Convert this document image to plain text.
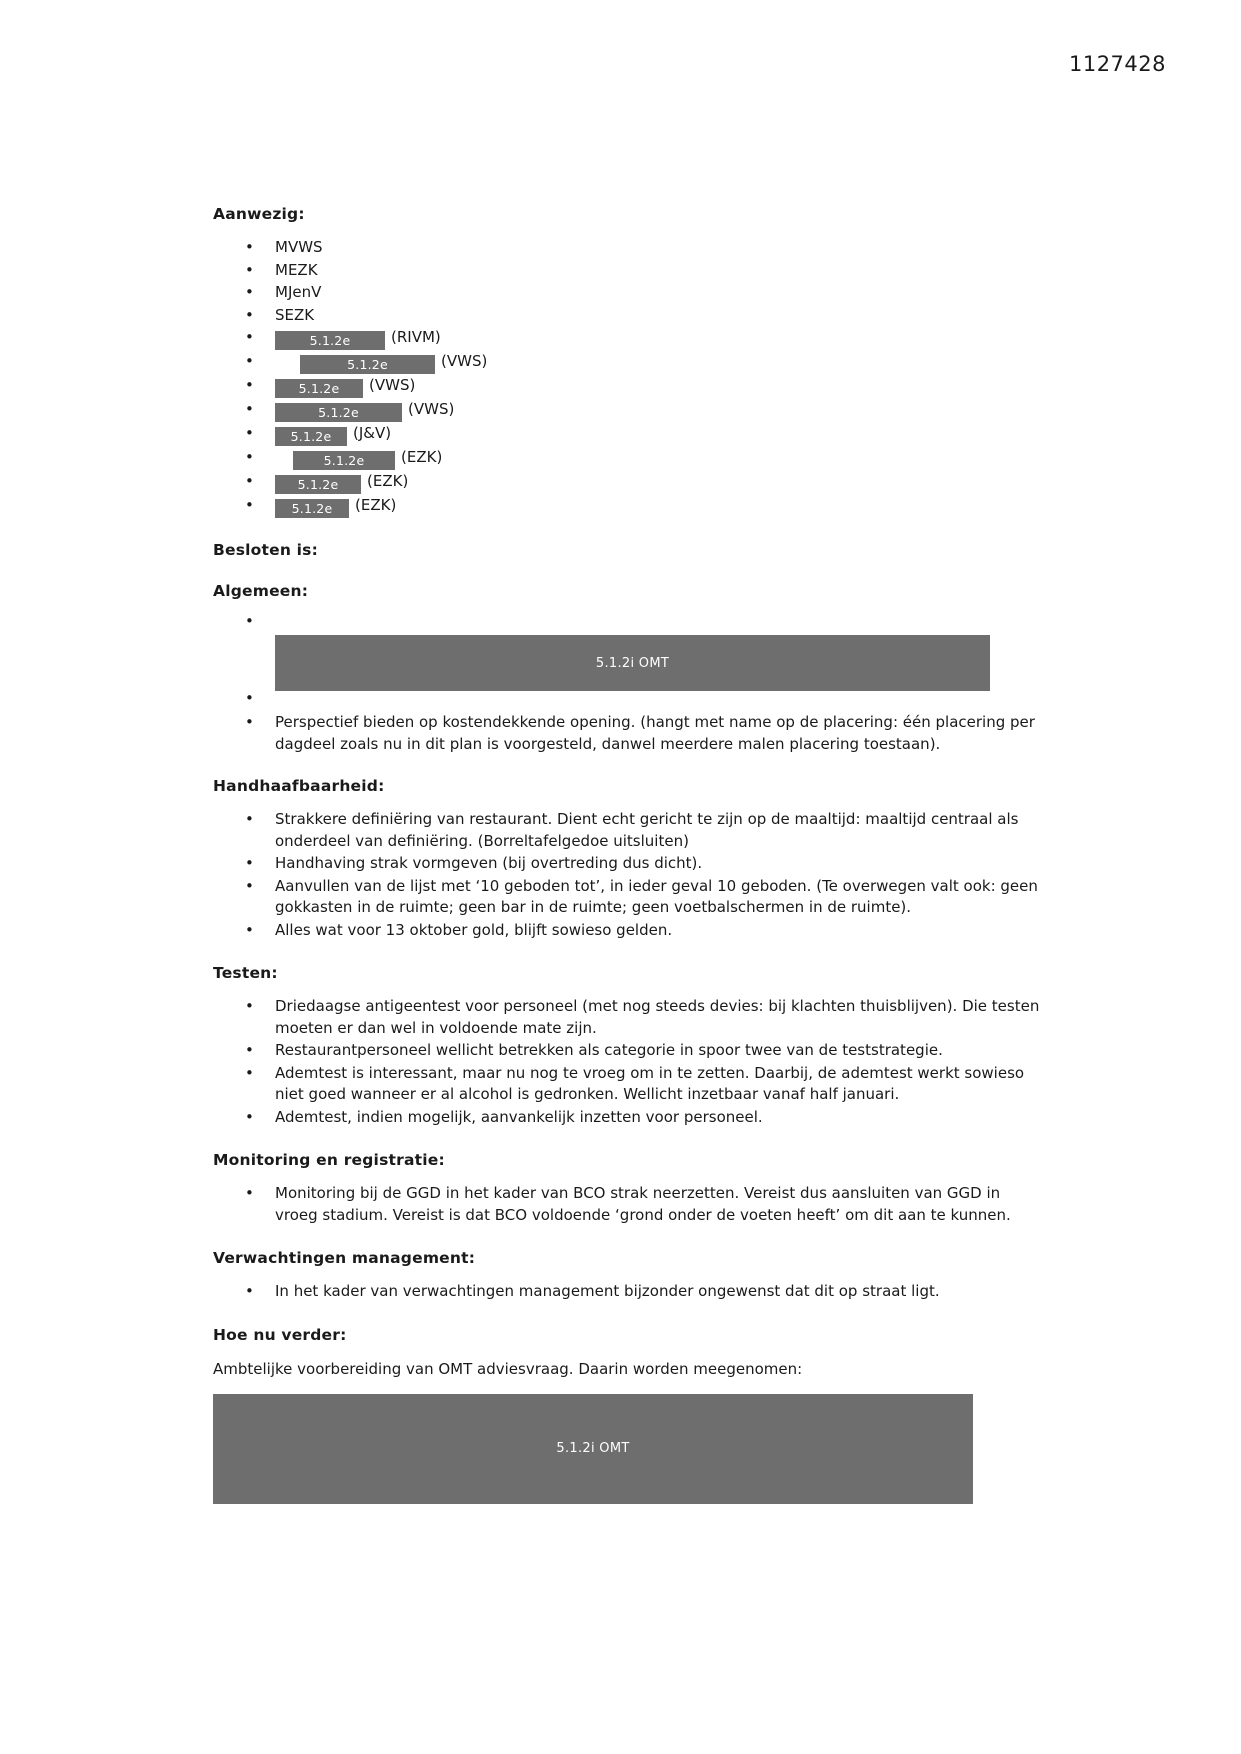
1127428
Aanwezig:
• MVWS
• MEZK
• MJenV
• SEZK
• 5.1.2e	(RIVM)
• 5.1.2e	(VWS)
• 5.1.2e (VWS)
• 5.1.2e	(VWS)
• 5.1.2e (J&V)
• 5.1.2e (EZK)
• 5.1.2e (EZK)
• 5.1.2e (EZK)
Besloten is:
Algemeen:
•
5.1.2i OMT
•
• Perspectief bieden op kostendekkende opening. (hangt met name op de placering: één placering per dagdeel zoals nu in dit plan is voorgesteld, danwel meerdere malen placering toestaan).
Handhaafbaarheid:
• Strakkere definiëring van restaurant. Dient echt gericht te zijn op de maaltijd: maaltijd centraal als onderdeel van definiëring. (Borreltafelgedoe uitsluiten)
• Handhaving strak vormgeven (bij overtreding dus dicht).
• Aanvullen van de lijst met ‘10 geboden tot’, in ieder geval 10 geboden. (Te overwegen valt ook: geen gokkasten in de ruimte; geen bar in de ruimte; geen voetbalschermen in de ruimte).
• Alles wat voor 13 oktober gold, blijft sowieso gelden.
Testen:
• Driedaagse antigeentest voor personeel (met nog steeds devies: bij klachten thuisblijven). Die testen moeten er dan wel in voldoende mate zijn.
• Restaurantpersoneel wellicht betrekken als categorie in spoor twee van de teststrategie.
• Ademtest is interessant, maar nu nog te vroeg om in te zetten. Daarbij, de ademtest werkt sowieso niet goed wanneer er al alcohol is gedronken. Wellicht inzetbaar vanaf half januari.
• Ademtest, indien mogelijk, aanvankelijk inzetten voor personeel.
Monitoring en registratie:
• Monitoring bij de GGD in het kader van BCO strak neerzetten. Vereist dus aansluiten van GGD in vroeg stadium. Vereist is dat BCO voldoende ‘grond onder de voeten heeft’ om dit aan te kunnen.
Verwachtingen management:
• In het kader van verwachtingen management bijzonder ongewenst dat dit op straat ligt.
Hoe nu verder:

Ambtelijke voorbereiding van OMT adviesvraag. Daarin worden meegenomen:

5.1.2i OMT
